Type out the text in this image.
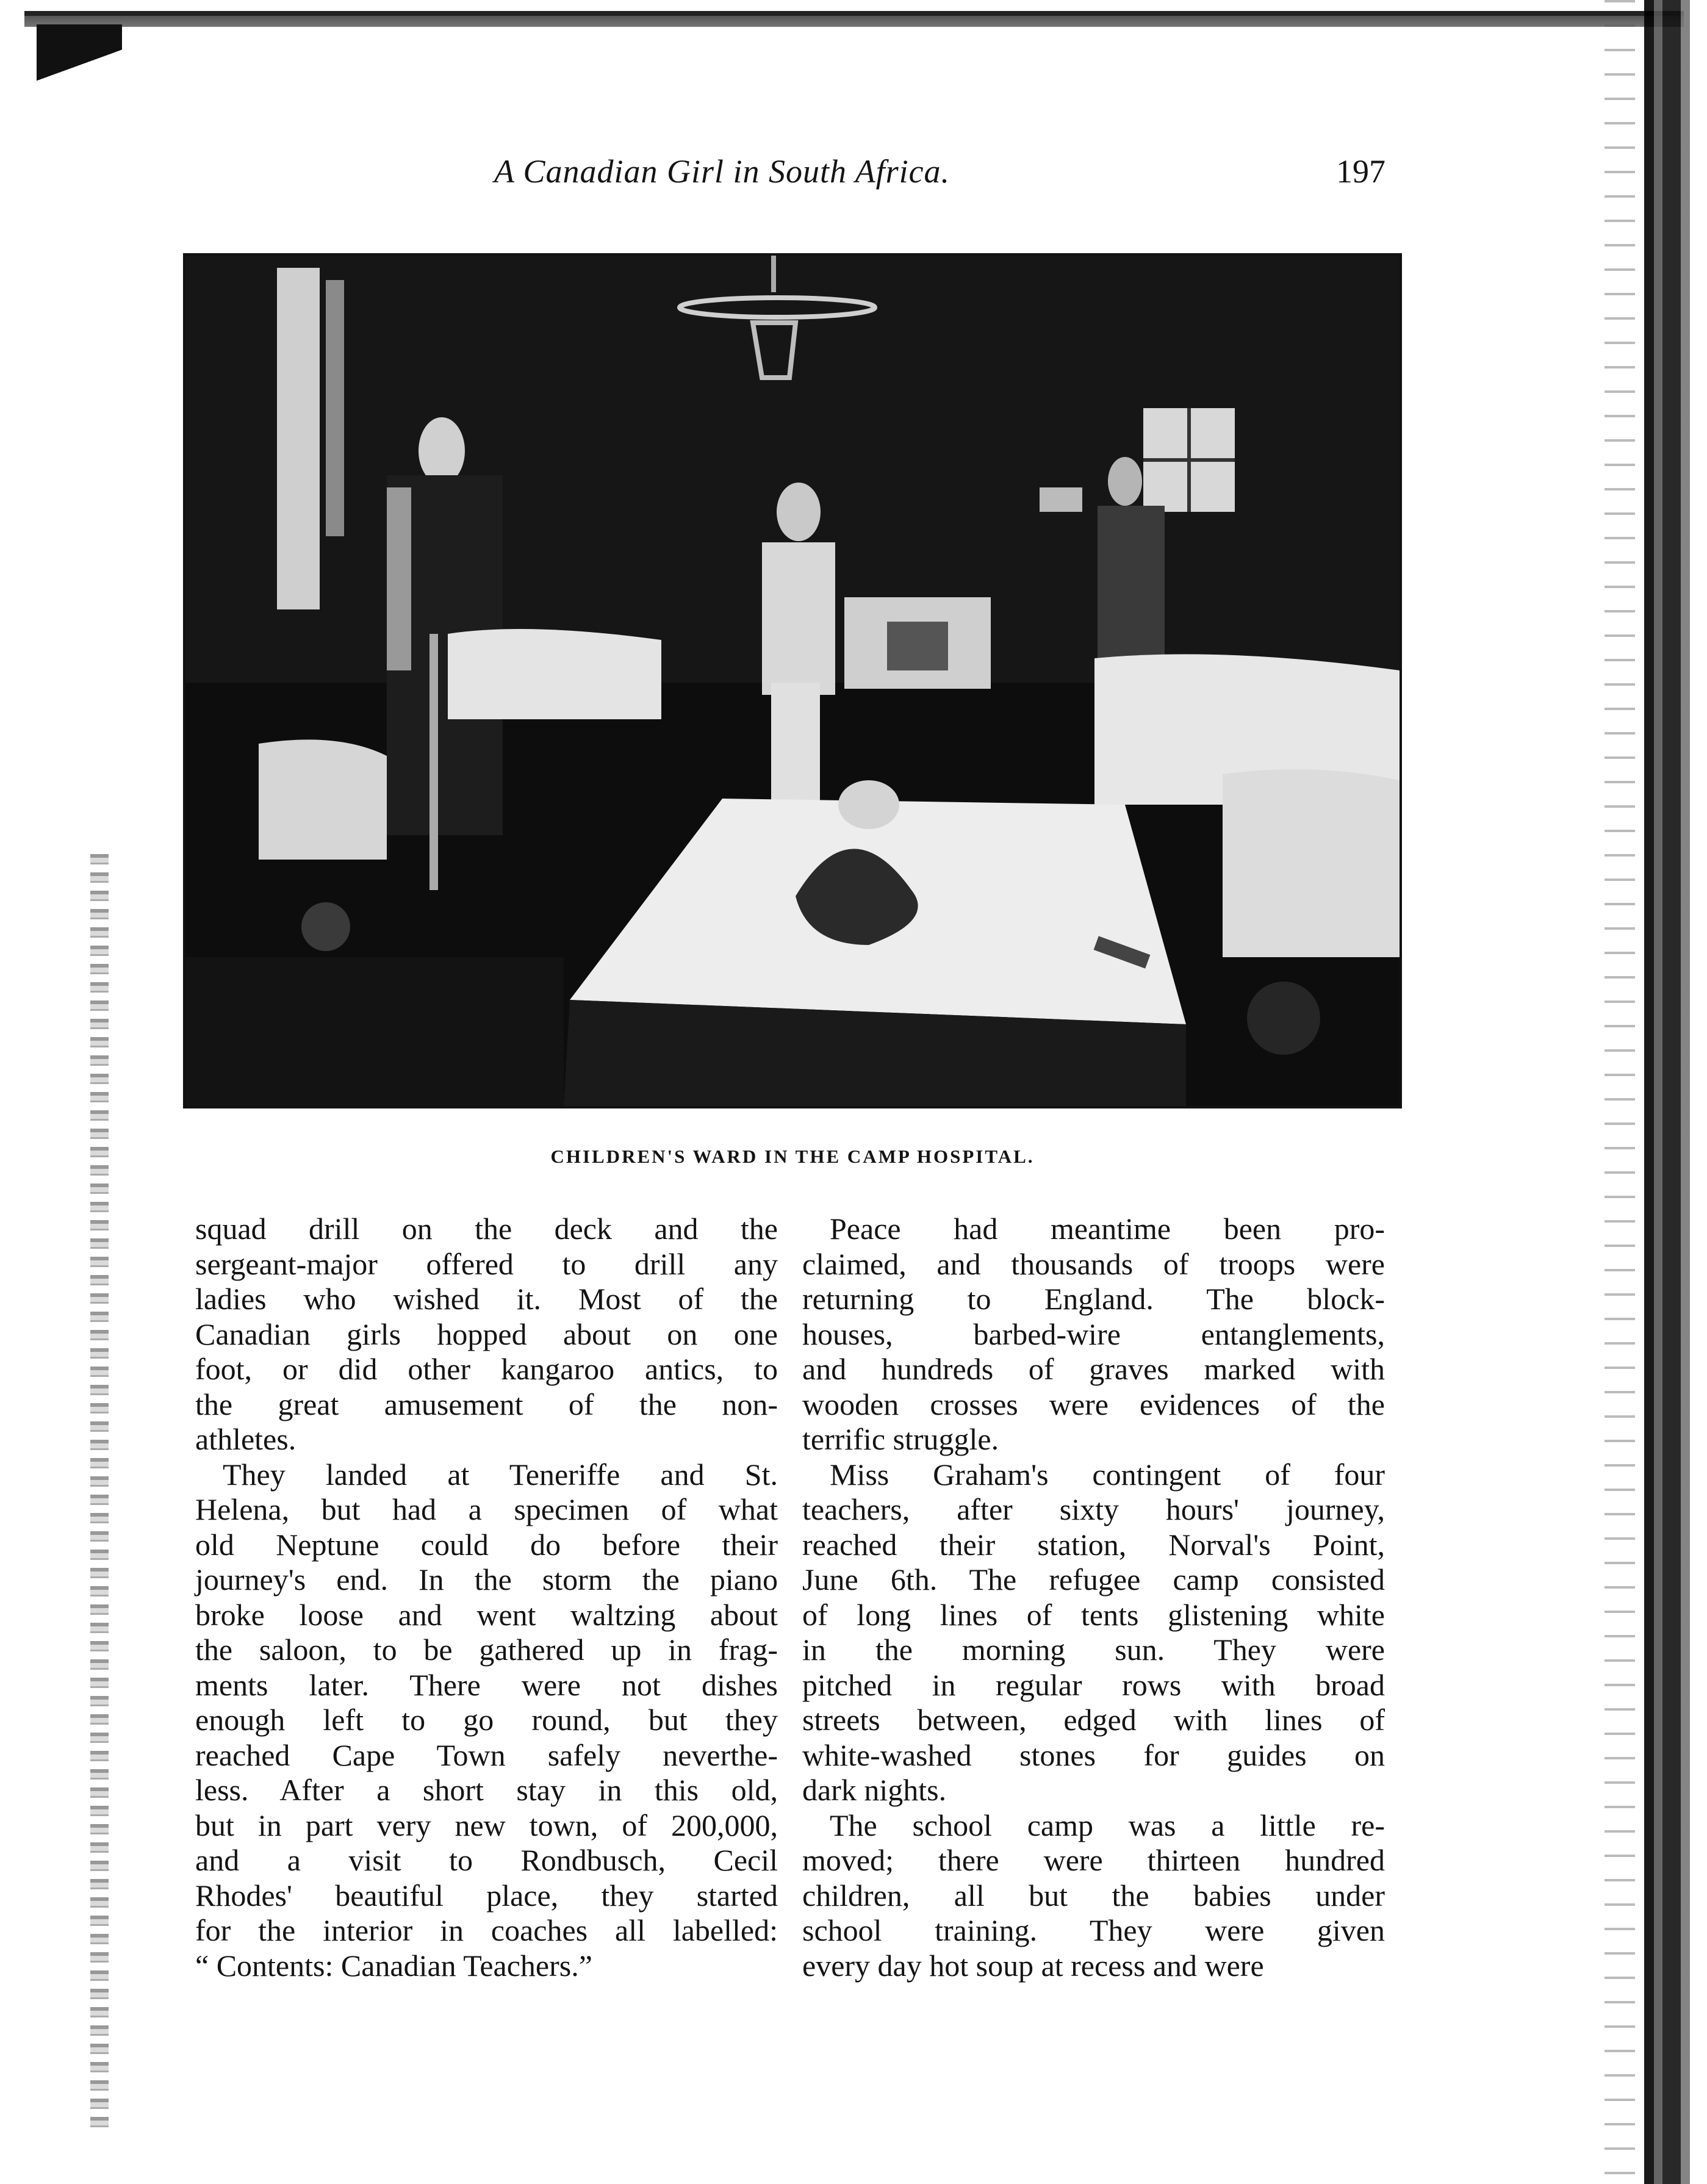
A Canadian Girl in South Africa.	197
CHILDREN'S WARD IN THE CAMP HOSPITAL.
squad drill on the deck and the
sergeant-major offered to drill any
ladies who wished it. Most of the
Canadian girls hopped about on one
foot, or did other kangaroo antics, to
the great amusement of the non-
athletes.
They landed at Teneriffe and St.
Helena, but had a specimen of what
old Neptune could do before their
journey's end. In the storm the piano
broke loose and went waltzing about
the saloon, to be gathered up in frag-
ments later. There were not dishes
enough left to go round, but they
reached Cape Town safely neverthe-
less. After a short stay in this old,
but in part very new town, of 200,000,
and a visit to Rondbusch, Cecil
Rhodes' beautiful place, they started
for the interior in coaches all labelled:
“ Contents: Canadian Teachers.”
Peace had meantime been pro-
claimed, and thousands of troops were
returning to England. The block-
houses, barbed-wire entanglements,
and hundreds of graves marked with
wooden crosses were evidences of the
terrific struggle.
Miss Graham's contingent of four
teachers, after sixty hours' journey,
reached their station, Norval's Point,
June 6th. The refugee camp consisted
of long lines of tents glistening white
in the morning sun. They were
pitched in regular rows with broad
streets between, edged with lines of
white-washed stones for guides on
dark nights.
The school camp was a little re-
moved; there were thirteen hundred
children, all but the babies under
school training. They were given
every day hot soup at recess and were
